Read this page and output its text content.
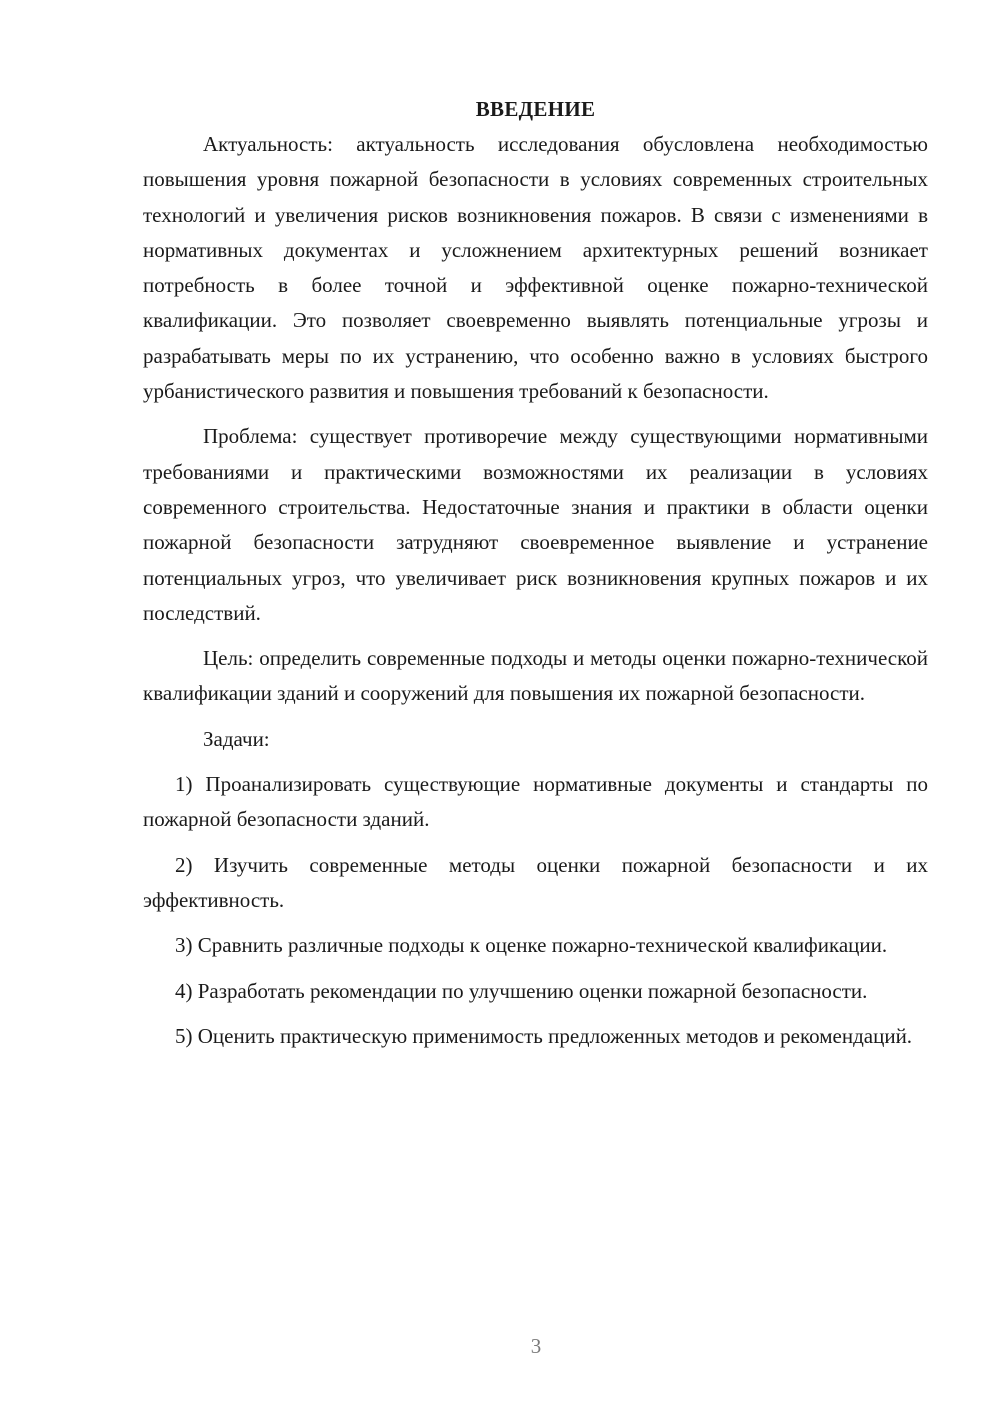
ВВЕДЕНИЕ

Актуальность: актуальность исследования обусловлена необходимостью повышения уровня пожарной безопасности в условиях современных строительных технологий и увеличения рисков возникновения пожаров. В связи с изменениями в нормативных документах и усложнением архитектурных решений возникает потребность в более точной и эффективной оценке пожарно-технической квалификации. Это позволяет своевременно выявлять потенциальные угрозы и разрабатывать меры по их устранению, что особенно важно в условиях быстрого урбанистического развития и повышения требований к безопасности.

Проблема: существует противоречие между существующими нормативными требованиями и практическими возможностями их реализации в условиях современного строительства. Недостаточные знания и практики в области оценки пожарной безопасности затрудняют своевременное выявление и устранение потенциальных угроз, что увеличивает риск возникновения крупных пожаров и их последствий.

Цель: определить современные подходы и методы оценки пожарно-технической квалификации зданий и сооружений для повышения их пожарной безопасности.

Задачи:

1) Проанализировать существующие нормативные документы и стандарты по пожарной безопасности зданий.

2) Изучить современные методы оценки пожарной безопасности и их эффективность.

3) Сравнить различные подходы к оценке пожарно-технической квалификации.

4) Разработать рекомендации по улучшению оценки пожарной безопасности.

5) Оценить практическую применимость предложенных методов и рекомендаций.

3
